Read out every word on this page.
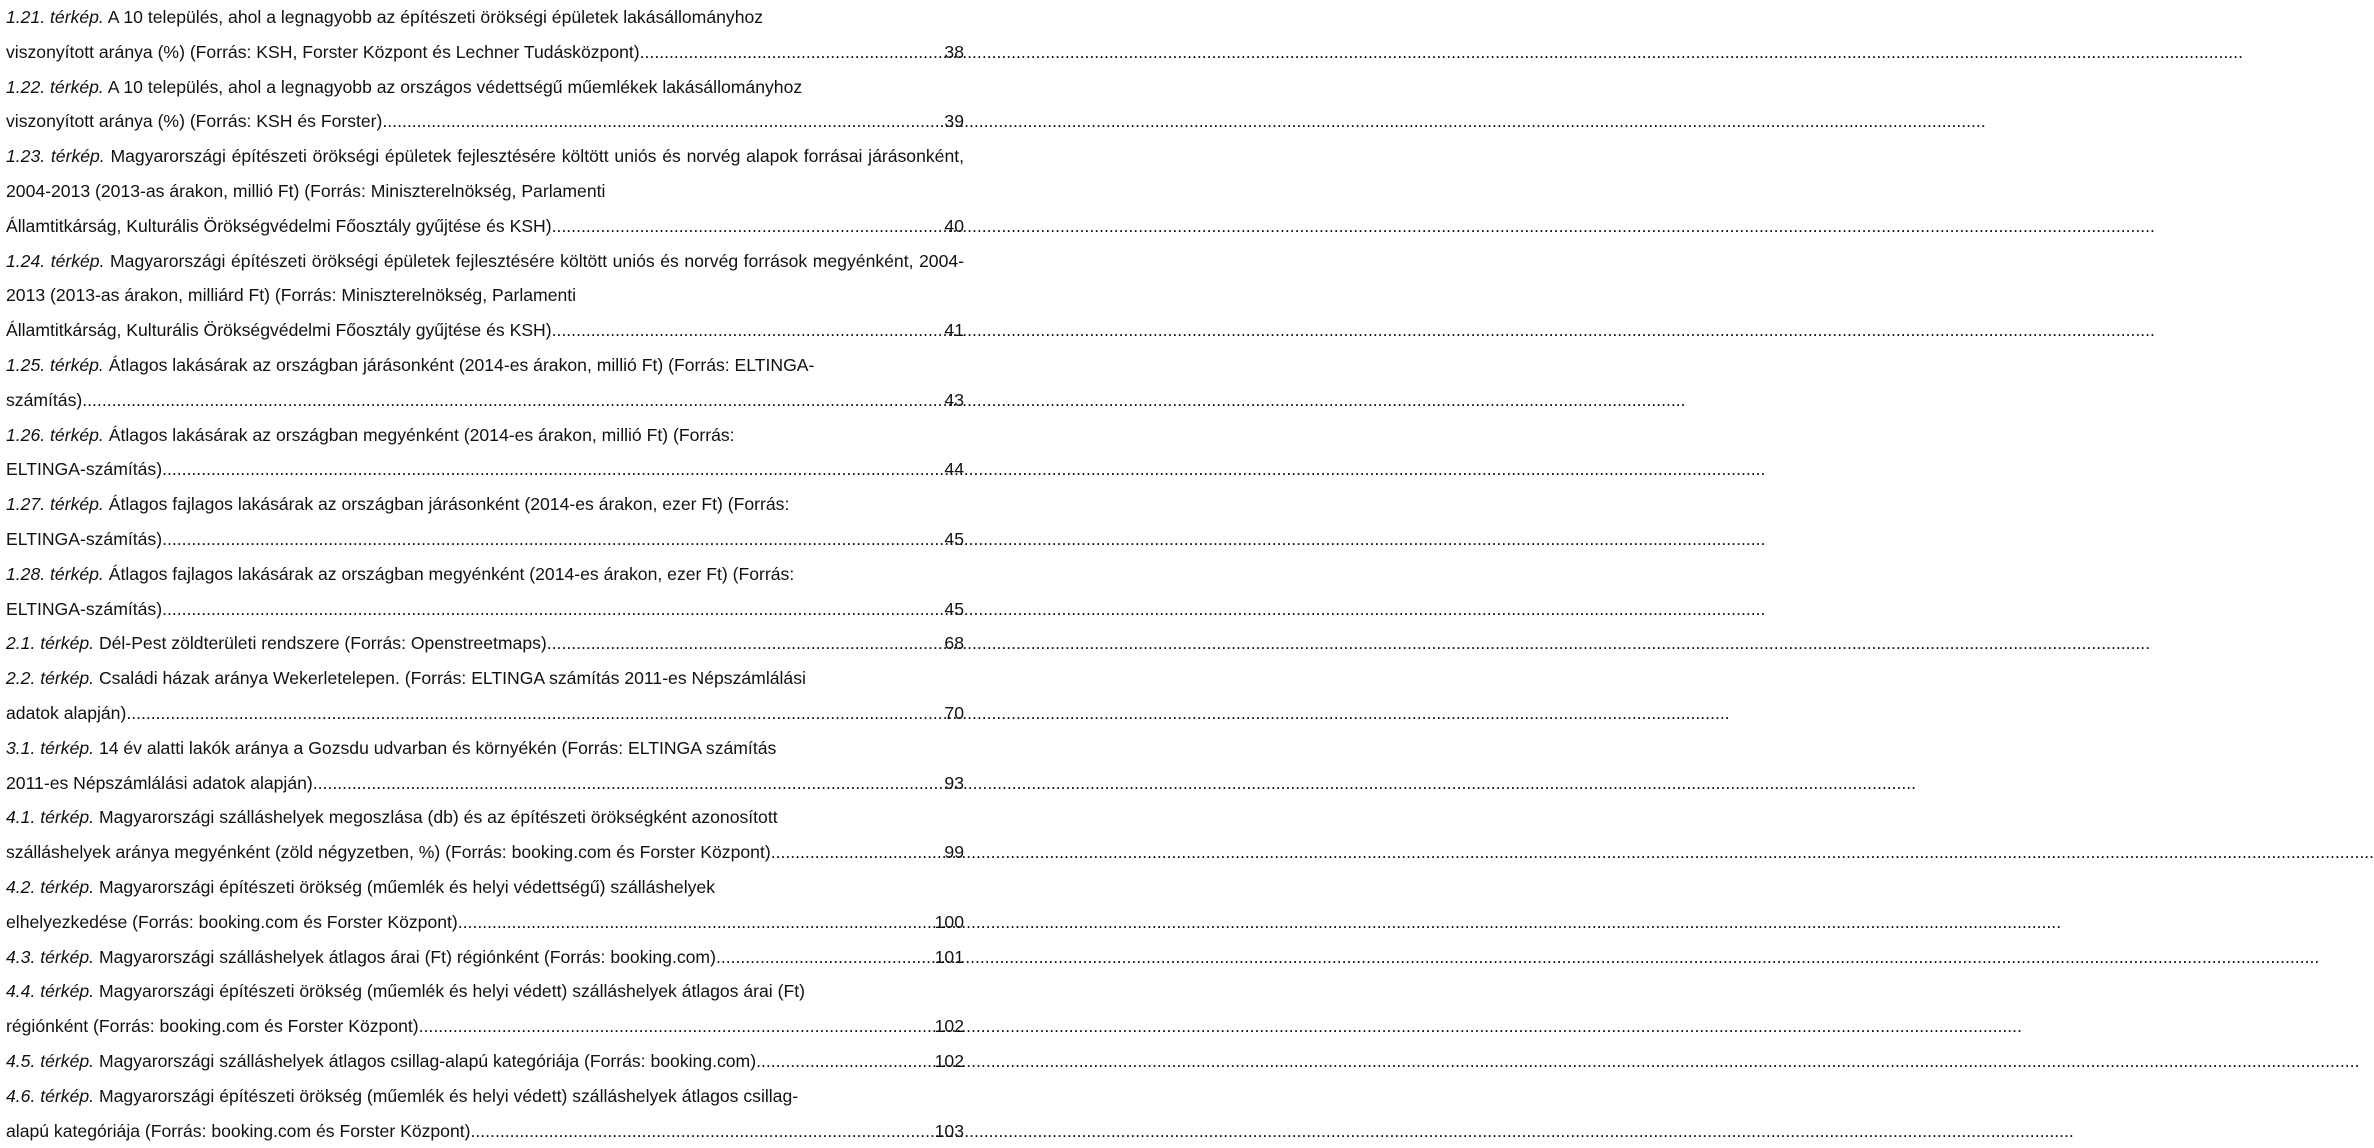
1.21. térkép. A 10 település, ahol a legnagyobb az építészeti örökségi épületek lakásállományhoz
viszonyított aránya (%) (Forrás: KSH, Forster Központ és Lechner Tudásközpont) .....	38
1.22. térkép. A 10 település, ahol a legnagyobb az országos védettségű műemlékek lakásállományhoz
viszonyított aránya (%) (Forrás: KSH és Forster) .....	39
1.23. térkép. Magyarországi építészeti örökségi épületek fejlesztésére költött uniós és norvég alapok forrásai járásonként, 2004-2013 (2013-as árakon, millió Ft) (Forrás: Miniszterelnökség, Parlamenti
Államtitkárság, Kulturális Örökségvédelmi Főosztály gyűjtése és KSH) .....	40
1.24. térkép. Magyarországi építészeti örökségi épületek fejlesztésére költött uniós és norvég források megyénként, 2004-2013 (2013-as árakon, milliárd Ft) (Forrás: Miniszterelnökség, Parlamenti
Államtitkárság, Kulturális Örökségvédelmi Főosztály gyűjtése és KSH) .....	41
1.25. térkép. Átlagos lakásárak az országban járásonként (2014-es árakon, millió Ft) (Forrás: ELTINGA-
számítás) .....	43
1.26. térkép. Átlagos lakásárak az országban megyénként (2014-es árakon, millió Ft) (Forrás:
ELTINGA-számítás) .....	44
1.27. térkép. Átlagos fajlagos lakásárak az országban járásonként (2014-es árakon, ezer Ft) (Forrás:
ELTINGA-számítás) .....	45
1.28. térkép. Átlagos fajlagos lakásárak az országban megyénként (2014-es árakon, ezer Ft) (Forrás:
ELTINGA-számítás) .....	45
2.1. térkép. Dél-Pest zöldterületi rendszere (Forrás: Openstreetmaps) .....	68
2.2. térkép. Családi házak aránya Wekerletelepen. (Forrás: ELTINGA számítás 2011-es Népszámlálási
adatok alapján) .....	70
3.1. térkép. 14 év alatti lakók aránya a Gozsdu udvarban és környékén (Forrás: ELTINGA számítás
2011-es Népszámlálási adatok alapján) .....	93
4.1. térkép. Magyarországi szálláshelyek megoszlása (db) és az építészeti örökségként azonosított
szálláshelyek aránya megyénként (zöld négyzetben, %) (Forrás: booking.com és Forster Központ) .....	99
4.2. térkép. Magyarországi építészeti örökség (műemlék és helyi védettségű) szálláshelyek
elhelyezkedése (Forrás: booking.com és Forster Központ) .....	100
4.3. térkép. Magyarországi szálláshelyek átlagos árai (Ft) régiónként (Forrás: booking.com) .....	101
4.4. térkép. Magyarországi építészeti örökség (műemlék és helyi védett) szálláshelyek átlagos árai (Ft)
régiónként (Forrás: booking.com és Forster Központ) .....	102
4.5. térkép. Magyarországi szálláshelyek átlagos csillag-alapú kategóriája (Forrás: booking.com) .....	102
4.6. térkép. Magyarországi építészeti örökség (műemlék és helyi védett) szálláshelyek átlagos csillag-
alapú kategóriája (Forrás: booking.com és Forster Központ) .....	103
